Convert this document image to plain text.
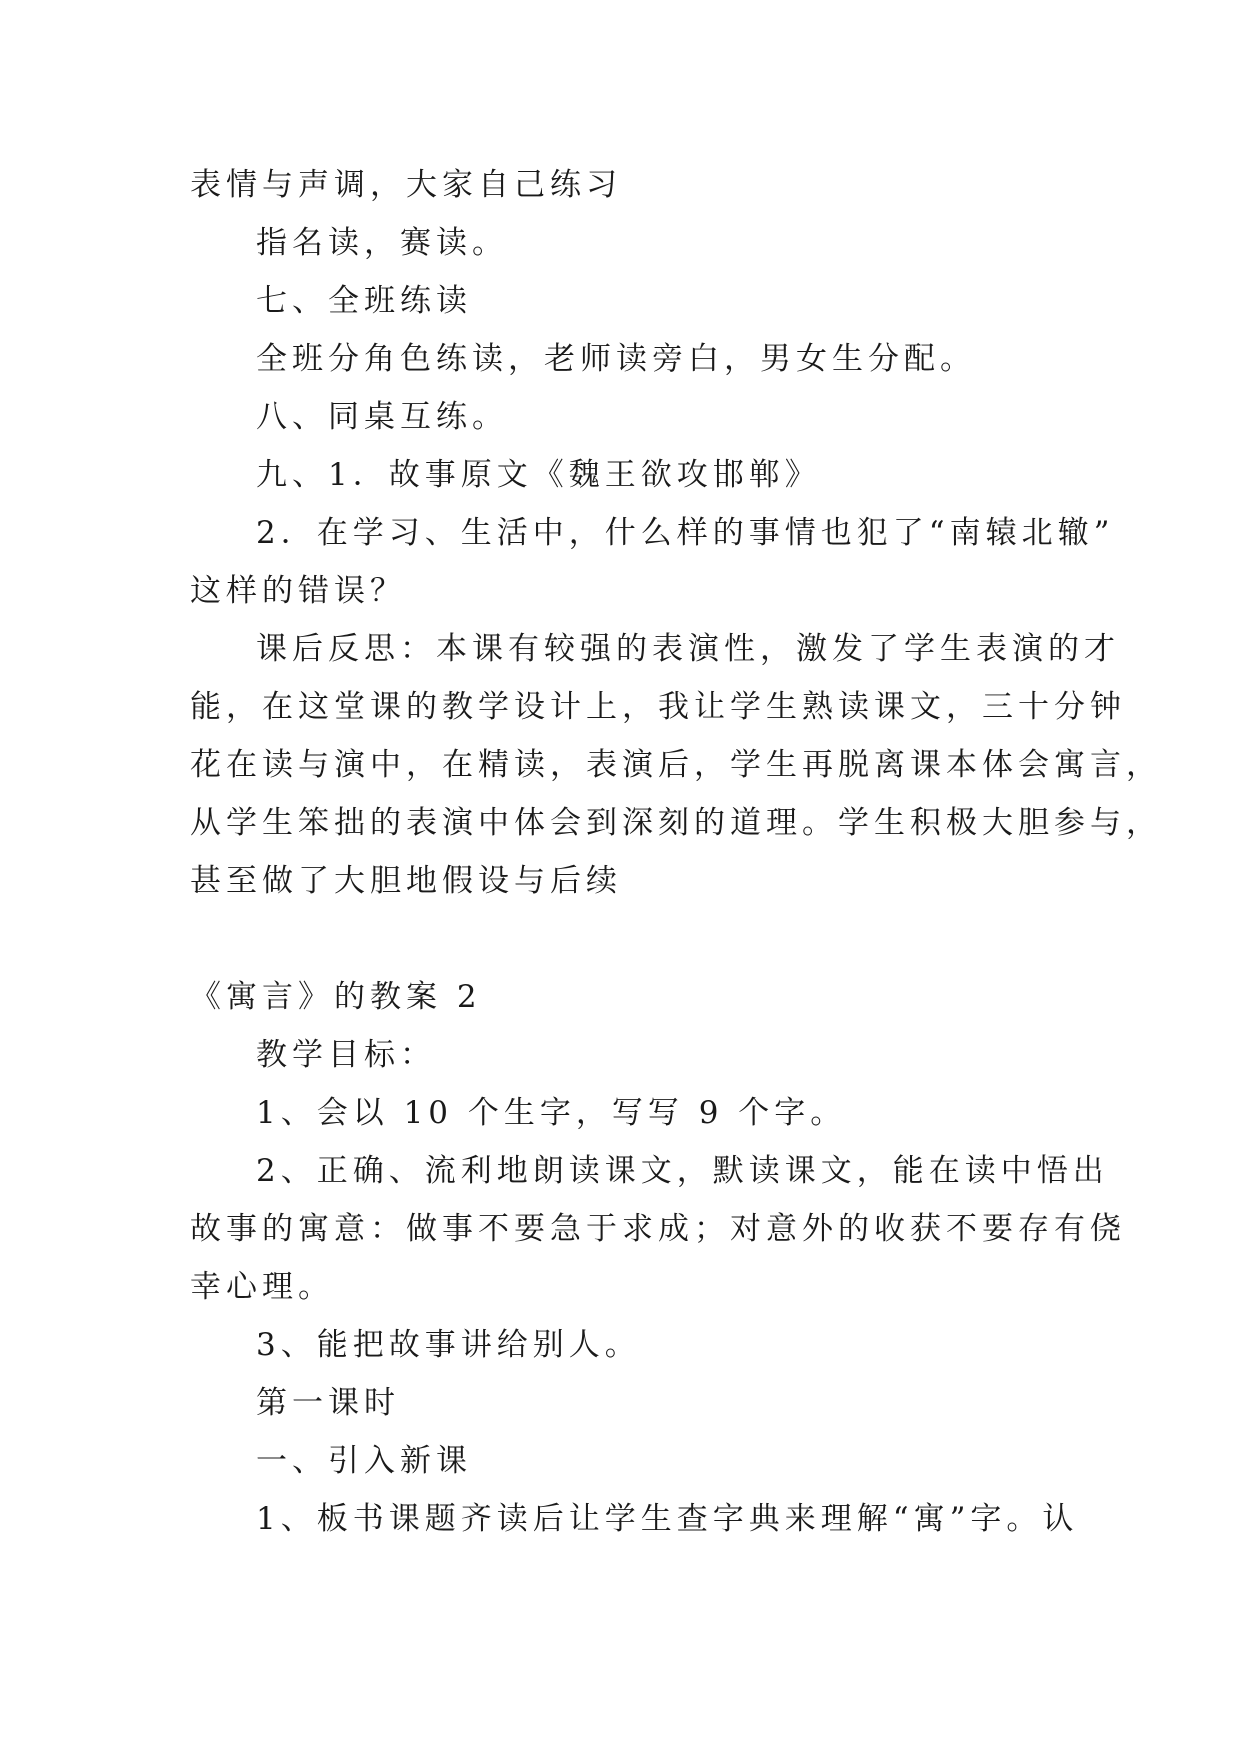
表情与声调，大家自己练习
指名读，赛读。
七、全班练读
全班分角色练读，老师读旁白，男女生分配。
八、同桌互练。
九、1．故事原文《魏王欲攻邯郸》
2．在学习、生活中，什么样的事情也犯了“南辕北辙”
这样的错误？
课后反思：本课有较强的表演性，激发了学生表演的才
能，在这堂课的教学设计上，我让学生熟读课文，三十分钟
花在读与演中，在精读，表演后，学生再脱离课本体会寓言，
从学生笨拙的表演中体会到深刻的道理。学生积极大胆参与，
甚至做了大胆地假设与后续
《寓言》的教案 2
教学目标：
1、会以 10 个生字，写写 9 个字。
2、正确、流利地朗读课文，默读课文，能在读中悟出
故事的寓意：做事不要急于求成；对意外的收获不要存有侥
幸心理。
3、能把故事讲给别人。
第一课时
一、引入新课
1、板书课题齐读后让学生查字典来理解“寓”字。认
